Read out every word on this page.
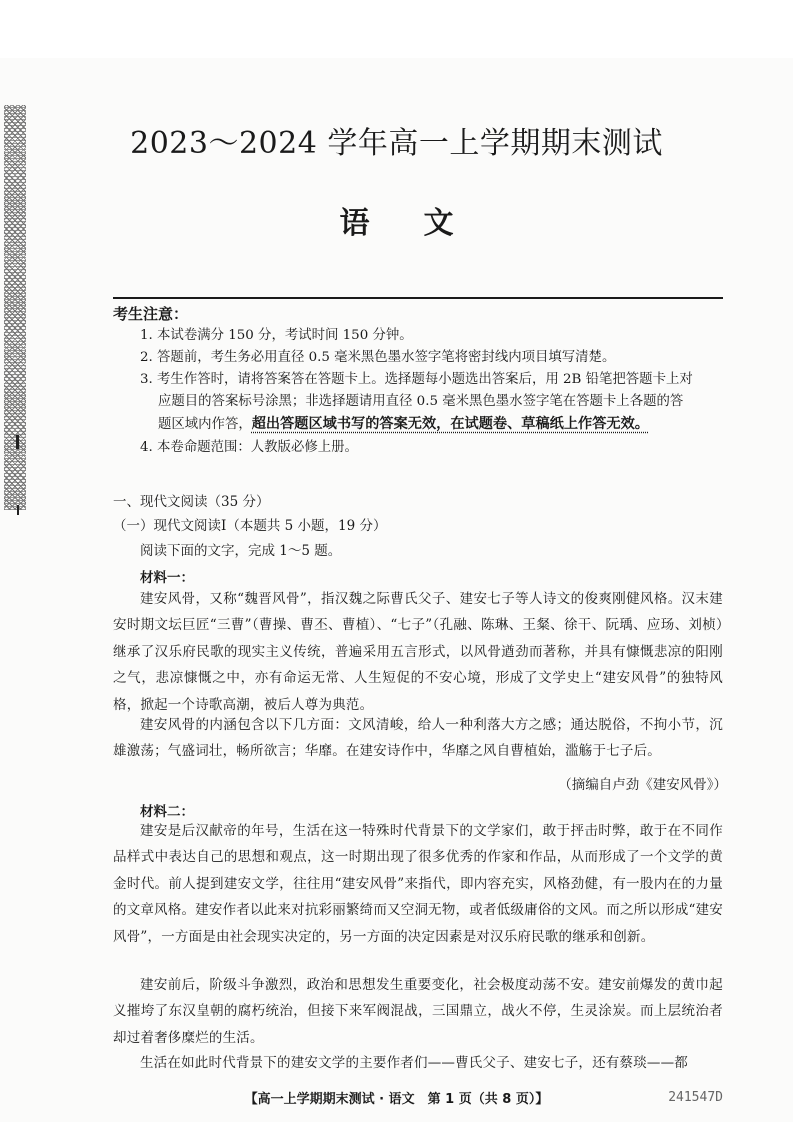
2023～2024 学年高一上学期期末测试
语文
考生注意：
1. 本试卷满分 150 分，考试时间 150 分钟。
2. 答题前，考生务必用直径 0.5 毫米黑色墨水签字笔将密封线内项目填写清楚。
3. 考生作答时，请将答案答在答题卡上。选择题每小题选出答案后，用 2B 铅笔把答题卡上对
应题目的答案标号涂黑；非选择题请用直径 0.5 毫米黑色墨水签字笔在答题卡上各题的答
题区域内作答，超出答题区域书写的答案无效，在试题卷、草稿纸上作答无效。
4. 本卷命题范围：人教版必修上册。
一、现代文阅读（35 分）
（一）现代文阅读Ⅰ（本题共 5 小题，19 分）
阅读下面的文字，完成 1～5 题。
材料一：
建安风骨，又称“魏晋风骨”，指汉魏之际曹氏父子、建安七子等人诗文的俊爽刚健风格。汉末建安时期文坛巨匠“三曹”（曹操、曹丕、曹植）、“七子”（孔融、陈琳、王粲、徐干、阮瑀、应玚、刘桢）继承了汉乐府民歌的现实主义传统，普遍采用五言形式，以风骨遒劲而著称，并具有慷慨悲凉的阳刚之气，悲凉慷慨之中，亦有命运无常、人生短促的不安心境，形成了文学史上“建安风骨”的独特风格，掀起一个诗歌高潮，被后人尊为典范。
建安风骨的内涵包含以下几方面：文风清峻，给人一种利落大方之感；通达脱俗，不拘小节，沉雄激荡；气盛词壮，畅所欲言；华靡。在建安诗作中，华靡之风自曹植始，滥觞于七子后。
（摘编自卢劲《建安风骨》）
材料二：
建安是后汉献帝的年号，生活在这一特殊时代背景下的文学家们，敢于抨击时弊，敢于在不同作品样式中表达自己的思想和观点，这一时期出现了很多优秀的作家和作品，从而形成了一个文学的黄金时代。前人提到建安文学，往往用“建安风骨”来指代，即内容充实，风格劲健，有一股内在的力量的文章风格。建安作者以此来对抗彩丽繁绮而又空洞无物，或者低级庸俗的文风。而之所以形成“建安风骨”，一方面是由社会现实决定的，另一方面的决定因素是对汉乐府民歌的继承和创新。
建安前后，阶级斗争激烈，政治和思想发生重要变化，社会极度动荡不安。建安前爆发的黄巾起义摧垮了东汉皇朝的腐朽统治，但接下来军阀混战，三国鼎立，战火不停，生灵涂炭。而上层统治者却过着奢侈糜烂的生活。
生活在如此时代背景下的建安文学的主要作者们——曹氏父子、建安七子，还有蔡琰——都
【高一上学期期末测试 · 语文　第 1 页（共 8 页）】	241547D
